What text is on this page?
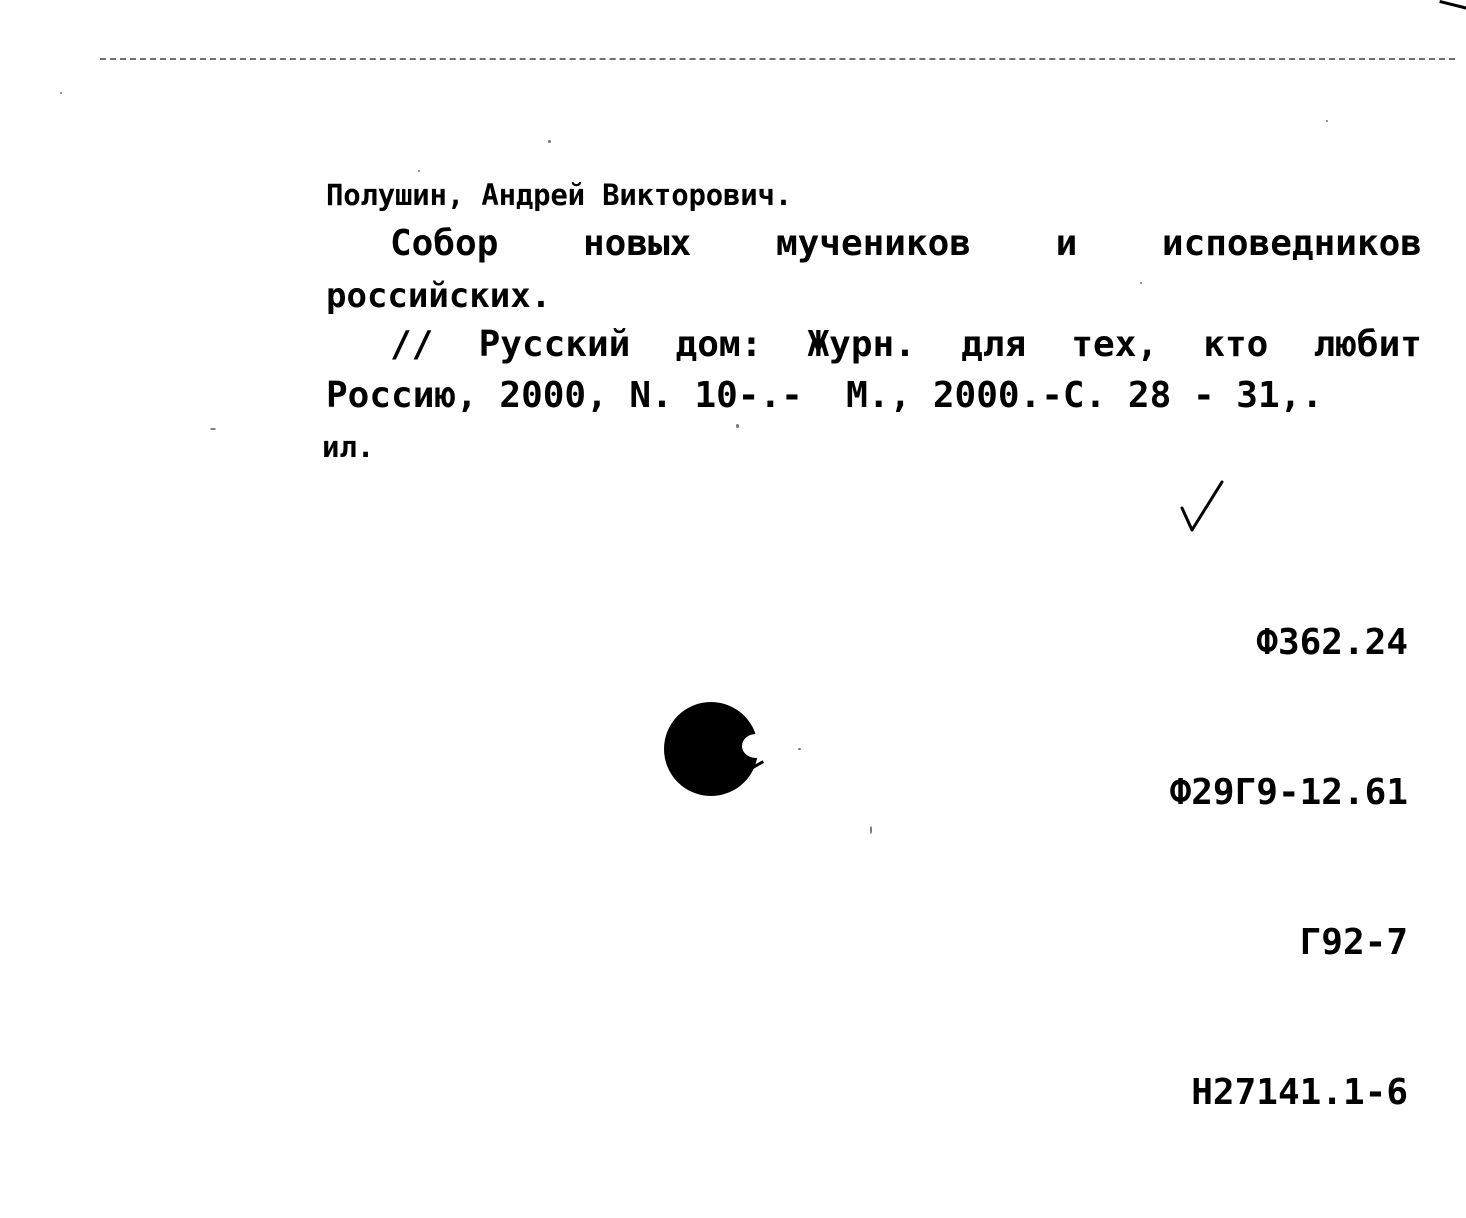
Полушин, Андрей Викторович.
Собор новых мучеников и исповедников
российских.
// Русский дом: Журн. для тех, кто любит
Россию, 2000, N. 10-.-  М., 2000.-С. 28 - 31,.
ил.

Ф362.24

Ф29Г9-12.61

Г92-7

Н27141.1-6
